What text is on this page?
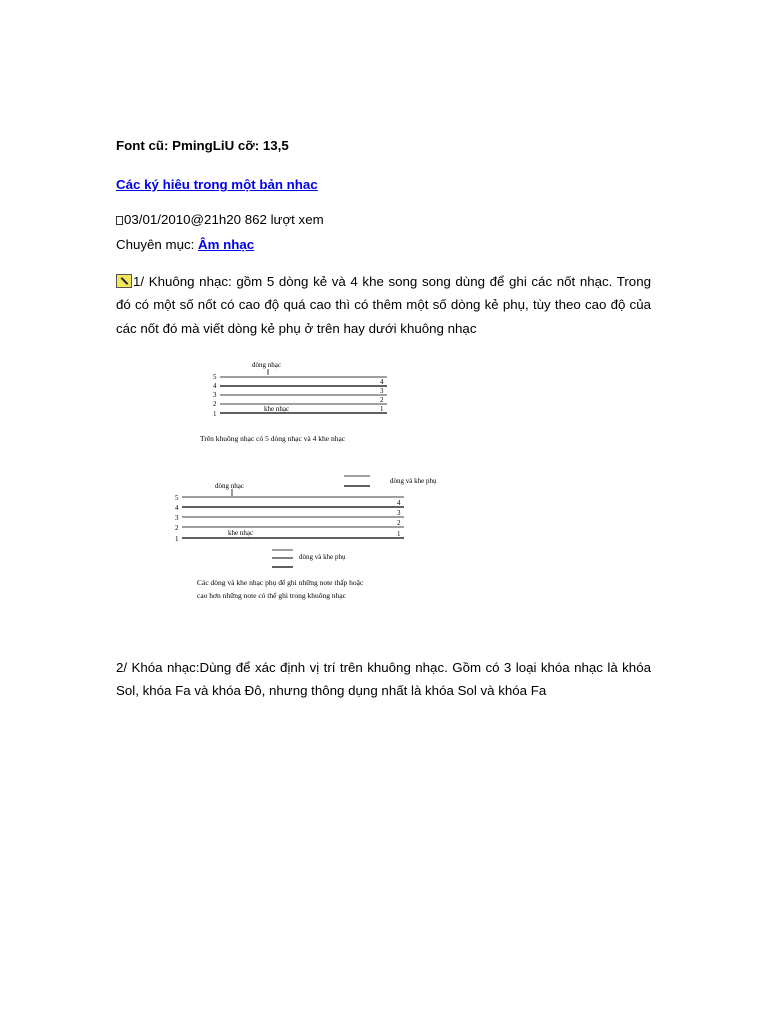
Font cũ: PmingLiU cỡ: 13,5
Các ký hiêu trong một bản nhac
03/01/2010@21h20 862 lượt xem
Chuyên mục: Âm nhạc
1/ Khuông nhạc: gồm 5 dòng kẻ và 4 khe song song dùng để ghi các nốt nhạc. Trong đó có một số nốt có cao độ quá cao thì có thêm một số dòng kẻ phụ, tùy theo cao độ của các nốt đó mà viết dòng kẻ phụ ở trên hay dưới khuông nhạc
dòng nhạc
5
4
3
2
1
4
3
2
1
khe nhạc
Trên khuông nhạc có 5 dòng nhạc và 4 khe nhạc
dòng và khe phụ
dòng nhạc
5
4
3
2
1
4
3
2
1
khe nhạc
dòng và khe phụ
Các dòng và khe nhạc phụ để ghi những note thấp hoặc
cao hơn những note có thể ghi trong khuông nhạc
2/ Khóa nhạc:Dùng để xác định vị trí trên khuông nhạc. Gồm có 3 loại khóa nhạc là khóa Sol, khóa Fa và khóa Đô, nhưng thông dụng nhất là khóa Sol và khóa Fa
